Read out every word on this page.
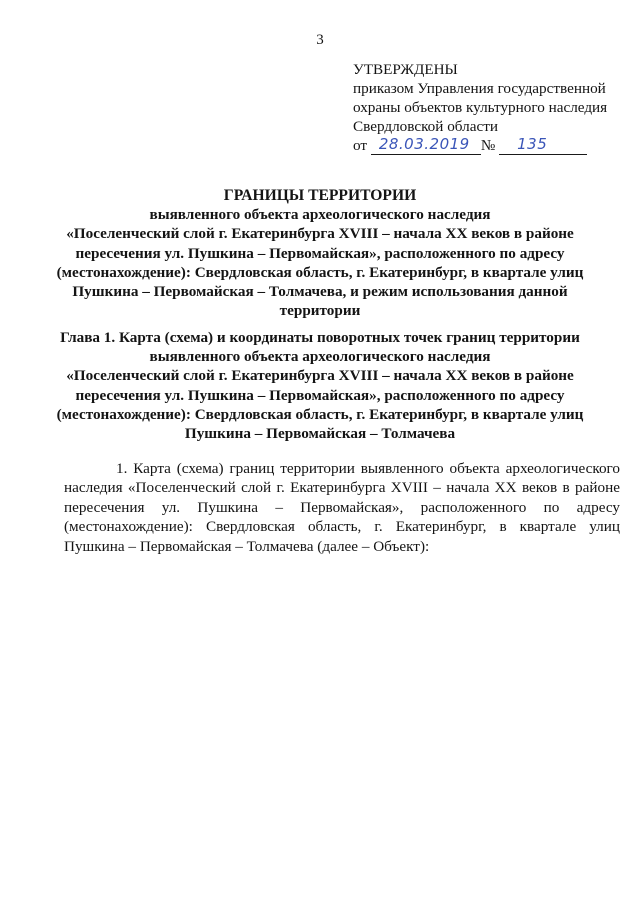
3
УТВЕРЖДЕНЫ
приказом Управления государственной
охраны объектов культурного наследия
Свердловской области
от 28.03.2019 № 135
ГРАНИЦЫ ТЕРРИТОРИИ
выявленного объекта археологического наследия
«Поселенческий слой г. Екатеринбурга XVIII – начала XX веков в районе
пересечения ул. Пушкина – Первомайская», расположенного по адресу
(местонахождение): Свердловская область, г. Екатеринбург, в квартале улиц
Пушкина – Первомайская – Толмачева, и режим использования данной
территории
Глава 1. Карта (схема) и координаты поворотных точек границ территории
выявленного объекта археологического наследия
«Поселенческий слой г. Екатеринбурга XVIII – начала XX веков в районе
пересечения ул. Пушкина – Первомайская», расположенного по адресу
(местонахождение): Свердловская область, г. Екатеринбург, в квартале улиц
Пушкина – Первомайская – Толмачева
1. Карта (схема) границ территории выявленного объекта археологического
наследия «Поселенческий слой г. Екатеринбурга XVIII – начала XX веков в районе
пересечения ул. Пушкина – Первомайская», расположенного по адресу
(местонахождение): Свердловская область, г. Екатеринбург, в квартале улиц
Пушкина – Первомайская – Толмачева (далее – Объект):
